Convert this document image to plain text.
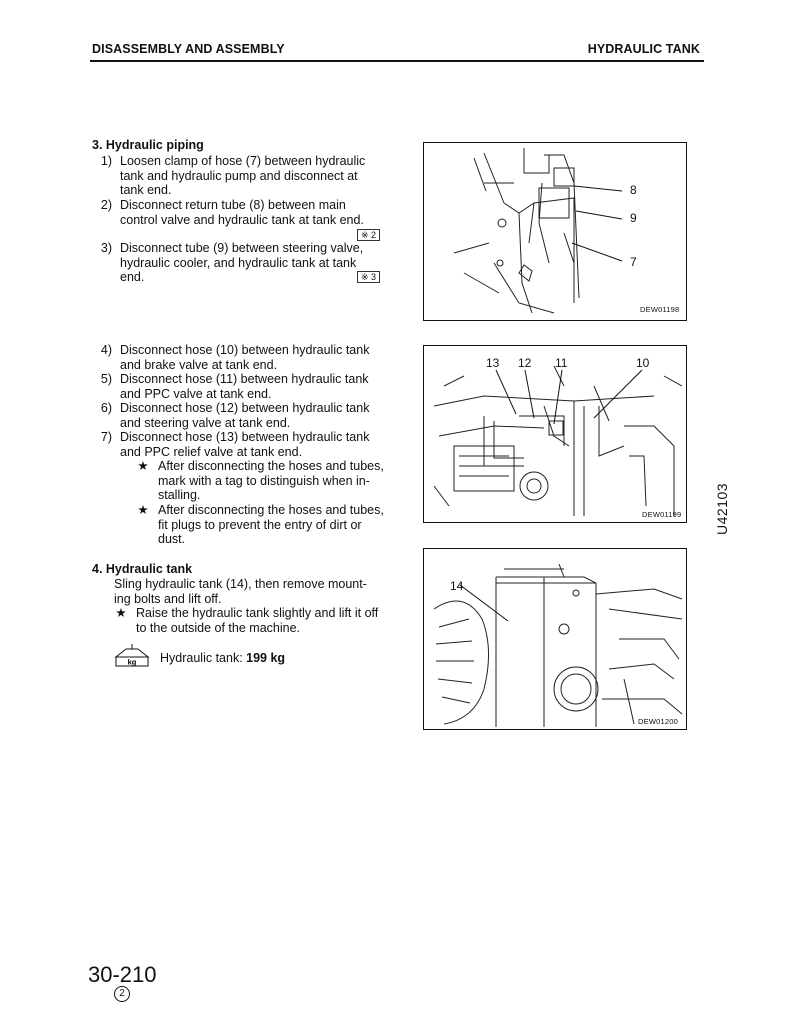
DISASSEMBLY AND ASSEMBLY	HYDRAULIC TANK
3. Hydraulic piping
1) Loosen clamp of hose (7) between hydraulic
tank and hydraulic pump and disconnect at
tank end.
2) Disconnect return tube (8) between main
control valve and hydraulic tank at tank end.
※ 2
3) Disconnect tube (9) between steering valve,
hydraulic cooler, and hydraulic tank at tank
end.	※ 3
4) Disconnect hose (10) between hydraulic tank
and brake valve at tank end.
5) Disconnect hose (11) between hydraulic tank
and PPC valve at tank end.
6) Disconnect hose (12) between hydraulic tank
and steering valve at tank end.
7) Disconnect hose (13) between hydraulic tank
and PPC relief valve at tank end.
★ After disconnecting the hoses and tubes,
mark with a tag to distinguish when in-
stalling.
★ After disconnecting the hoses and tubes,
fit plugs to prevent the entry of dirt or
dust.
4. Hydraulic tank
Sling hydraulic tank (14), then remove mount-
ing bolts and lift off.
★ Raise the hydraulic tank slightly and lift it off
to the outside of the machine.
kg Hydraulic tank: 199 kg
8
9
7
DEW01198
13 12 11	10
DEW01199
14
DEW01200
U42103
30-210
2
